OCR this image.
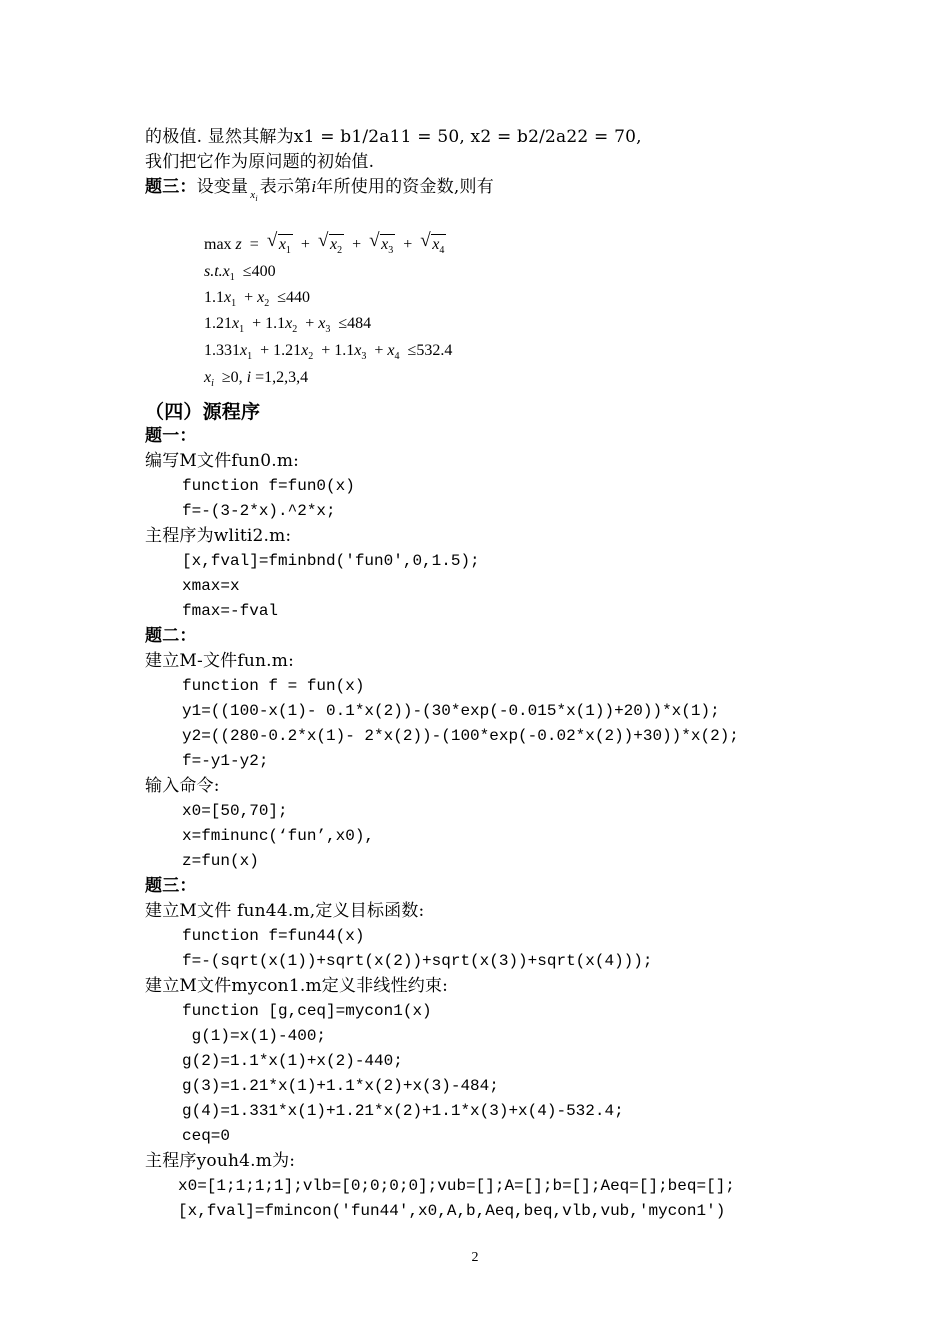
的极值. 显然其解为x1 = b1/2a11 = 50, x2 = b2/2a22 = 70,
我们把它作为原问题的初始值.
题三：设变量 $_{x_i}$表示第i年所使用的资金数,则有
max z = √ $x_1$ + √ $x_2$ + √ $x_3$ + √ $x_4$
$s.t.x_1 \le 400$
$1.1x_1 + x_2 \le 440$
$1.21x_1 + 1.1x_2 + x_3 \le 484$
$1.331x_1 + 1.21x_2 + 1.1x_3 + x_4 \le 532.4$
$x_i \ge 0$, i =1,2,3,4
（四）源程序
题一：
编写M文件fun0.m:
function f=fun0(x)
f=-(3-2*x).^2*x;
主程序为wliti2.m:
[x,fval]=fminbnd('fun0',0,1.5);
xmax=x
fmax=-fval
题二：
建立M-文件fun.m:
function f = fun(x)
y1=((100-x(1)- 0.1*x(2))-(30*exp(-0.015*x(1))+20))*x(1);
y2=((280-0.2*x(1)- 2*x(2))-(100*exp(-0.02*x(2))+30))*x(2);
f=-y1-y2;
输入命令:
x0=[50,70];
x=fminunc(‘fun’,x0),
z=fun(x)
题三：
建立M文件 fun44.m,定义目标函数:
function f=fun44(x)
f=-(sqrt(x(1))+sqrt(x(2))+sqrt(x(3))+sqrt(x(4)));
建立M文件mycon1.m定义非线性约束:
function [g,ceq]=mycon1(x)
g(1)=x(1)-400;
g(2)=1.1*x(1)+x(2)-440;
g(3)=1.21*x(1)+1.1*x(2)+x(3)-484;
g(4)=1.331*x(1)+1.21*x(2)+1.1*x(3)+x(4)-532.4;
ceq=0
主程序youh4.m为:
x0=[1;1;1;1];vlb=[0;0;0;0];vub=[];A=[];b=[];Aeq=[];beq=[];
[x,fval]=fmincon('fun44',x0,A,b,Aeq,beq,vlb,vub,'mycon1')
2
